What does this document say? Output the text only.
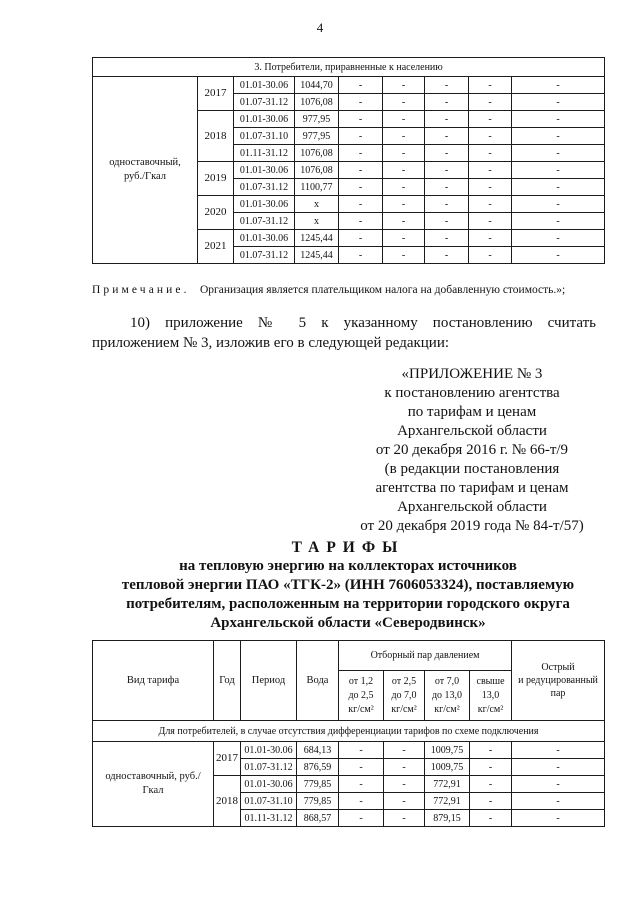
4
3. Потребители, приравненные к населению								
одноставочный, руб./Гкал	2017	01.01-30.06	1044,70	-	-	-	-	-
		01.07-31.12	1076,08	-	-	-	-	-
	2018	01.01-30.06	977,95	-	-	-	-	-
		01.07-31.10	977,95	-	-	-	-	-
		01.11-31.12	1076,08	-	-	-	-	-
	2019	01.01-30.06	1076,08	-	-	-	-	-
		01.07-31.12	1100,77	-	-	-	-	-
	2020	01.01-30.06	x	-	-	-	-	-
		01.07-31.12	x	-	-	-	-	-
	2021	01.01-30.06	1245,44	-	-	-	-	-
		01.07-31.12	1245,44	-	-	-	-	-
Примечание. Организация является плательщиком налога на добавленную стоимость.»;
10) приложение № 5 к указанному постановлению считать
приложением № 3, изложив его в следующей редакции:
«ПРИЛОЖЕНИЕ № 3
к постановлению агентства
по тарифам и ценам
Архангельской области
от 20 декабря 2016 г. № 66-т/9
(в редакции постановления
агентства по тарифам и ценам
Архангельской области
от 20 декабря 2019 года № 84-т/57)
ТАРИФЫ
на тепловую энергию на коллекторах источников
тепловой энергии ПАО «ТГК-2» (ИНН 7606053324), поставляемую
потребителям, расположенным на территории городского округа
Архангельской области «Северодвинск»
Вид тарифа	Год	Период	Вода	Отборный пар давлением				Острый
и редуцированный
пар

				от 1,2
до 2,5
кг/см²	от 2,5
до 7,0
кг/см²	от 7,0
до 13,0
кг/см²	свыше
13,0
кг/см²	

Для потребителей, в случае отсутствия дифференциации тарифов по схеме подключения								
одноставочный, руб./Гкал	2017	01.01-30.06	684,13	-	-	1009,75	-	-
		01.07-31.12	876,59	-	-	1009,75	-	-
	2018	01.01-30.06	779,85	-	-	772,91	-	-
		01.07-31.10	779,85	-	-	772,91	-	-
		01.11-31.12	868,57	-	-	879,15	-	-
